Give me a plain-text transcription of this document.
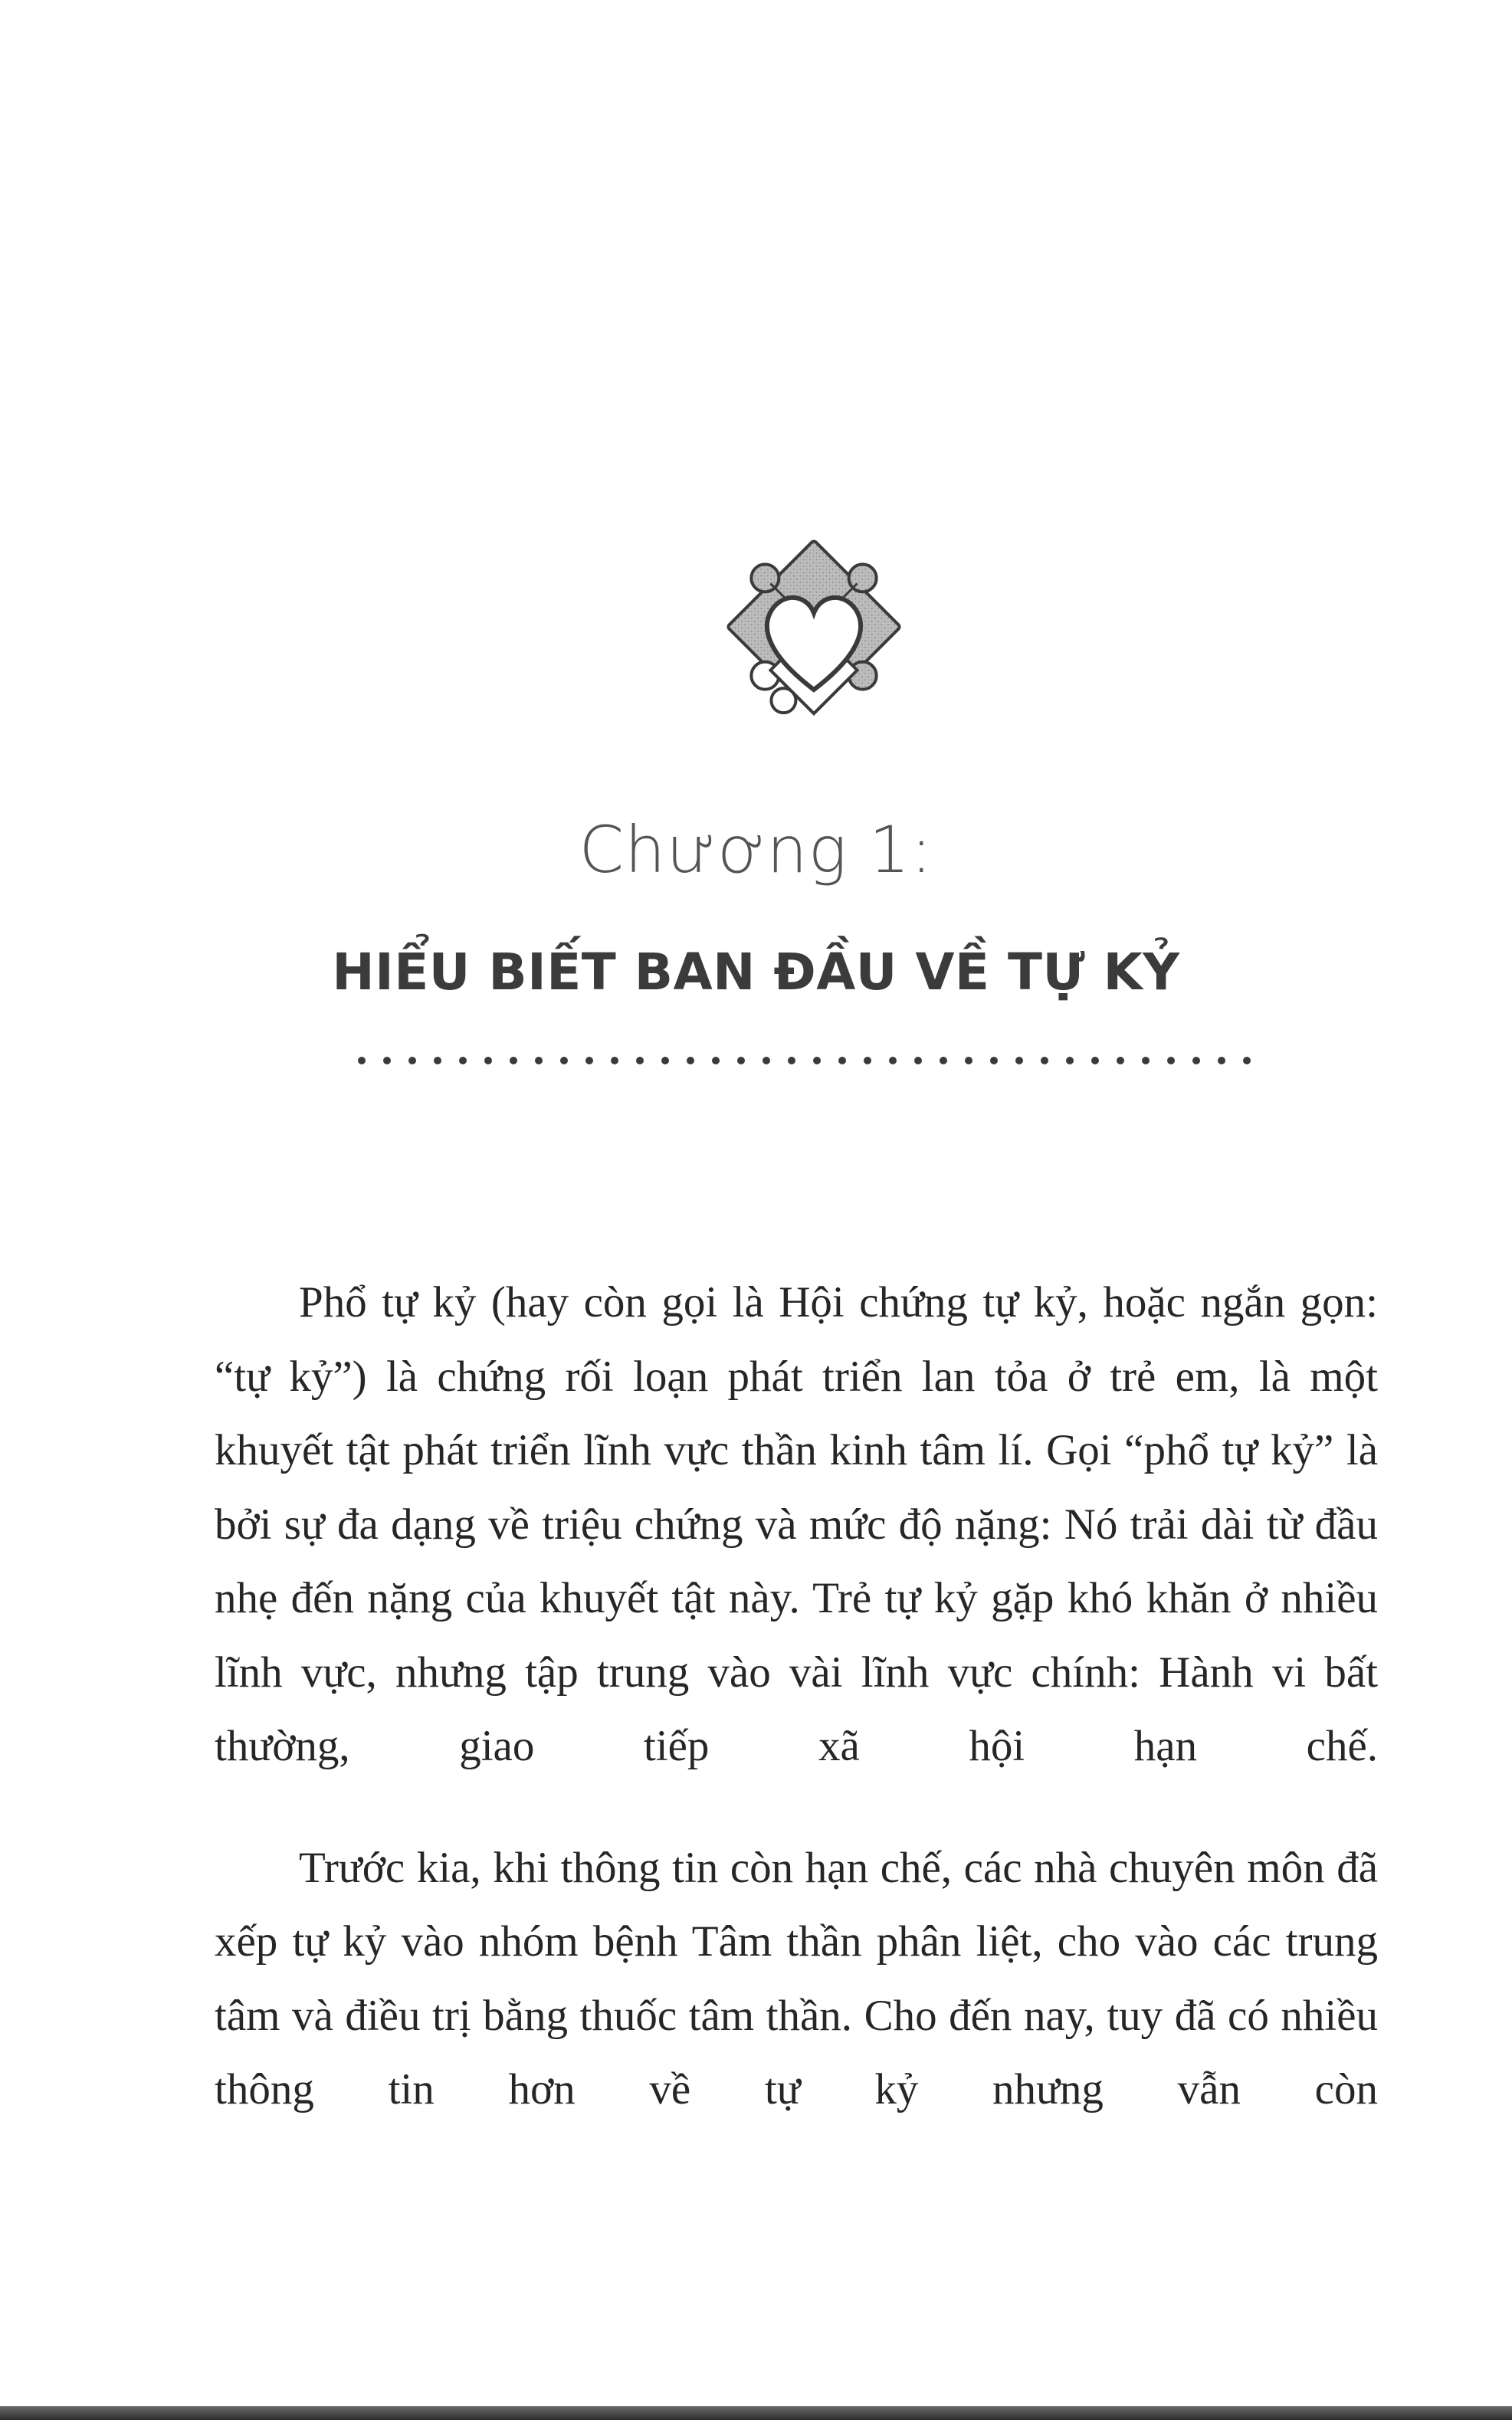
Chương 1:
HIỂU BIẾT BAN ĐẦU VỀ TỰ KỶ

Phổ tự kỷ (hay còn gọi là Hội chứng tự kỷ, hoặc ngắn gọn: “tự kỷ”) là chứng rối loạn phát triển lan tỏa ở trẻ em, là một khuyết tật phát triển lĩnh vực thần kinh tâm lí. Gọi “phổ tự kỷ” là bởi sự đa dạng về triệu chứng và mức độ nặng: Nó trải dài từ đầu nhẹ đến nặng của khuyết tật này. Trẻ tự kỷ gặp khó khăn ở nhiều lĩnh vực, nhưng tập trung vào vài lĩnh vực chính: Hành vi bất thường, giao tiếp xã hội hạn chế.

Trước kia, khi thông tin còn hạn chế, các nhà chuyên môn đã xếp tự kỷ vào nhóm bệnh Tâm thần phân liệt, cho vào các trung tâm và điều trị bằng thuốc tâm thần. Cho đến nay, tuy đã có nhiều thông tin hơn về tự kỷ nhưng vẫn còn
